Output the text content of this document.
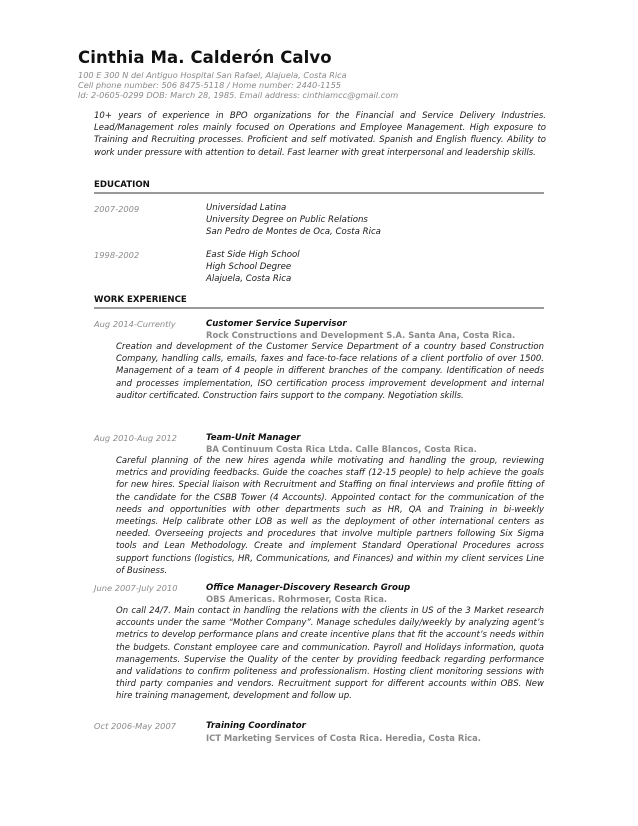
Cinthia Ma. Calderón Calvo
100 E 300 N del Antiguo Hospital San Rafael, Alajuela, Costa Rica
Cell phone number: 506 8475-5118 / Home number: 2440-1155
Id: 2-0605-0299 DOB: March 28, 1985. Email address: cinthiamcc@gmail.com
10+ years of experience in BPO organizations for the Financial and Service Delivery Industries. Lead/Management roles mainly focused on Operations and Employee Management. High exposure to Training and Recruiting processes. Proficient and self motivated. Spanish and English fluency. Ability to work under pressure with attention to detail. Fast learner with great interpersonal and leadership skills.
EDUCATION
2007-2009	Universidad Latina
University Degree on Public Relations
San Pedro de Montes de Oca, Costa Rica
1998-2002	East Side High School
High School Degree
Alajuela, Costa Rica
WORK EXPERIENCE
Aug 2014-Currently	Customer Service Supervisor
Rock Constructions and Development S.A. Santa Ana, Costa Rica.

Creation and development of the Customer Service Department of a country based Construction Company, handling calls, emails, faxes and face-to-face relations of a client portfolio of over 1500. Management of a team of 4 people in different branches of the company. Identification of needs and processes implementation, ISO certification process improvement development and internal auditor certificated. Construction fairs support to the company. Negotiation skills.

Aug 2010-Aug 2012	Team-Unit Manager
BA Continuum Costa Rica Ltda. Calle Blancos, Costa Rica.

Careful planning of the new hires agenda while motivating and handling the group, reviewing metrics and providing feedbacks. Guide the coaches staff (12-15 people) to help achieve the goals for new hires. Special liaison with Recruitment and Staffing on final interviews and profile fitting of the candidate for the CSBB Tower (4 Accounts). Appointed contact for the communication of the needs and opportunities with other departments such as HR, QA and Training in bi-weekly meetings. Help calibrate other LOB as well as the deployment of other international centers as needed. Overseeing projects and procedures that involve multiple partners following Six Sigma tools and Lean Methodology. Create and implement Standard Operational Procedures across support functions (logistics, HR, Communications, and Finances) and within my client services Line of Business.

June 2007-July 2010	Office Manager-Discovery Research Group
OBS Americas. Rohrmoser, Costa Rica.

On call 24/7. Main contact in handling the relations with the clients in US of the 3 Market research accounts under the same “Mother Company”. Manage schedules daily/weekly by analyzing agent’s metrics to develop performance plans and create incentive plans that fit the account’s needs within the budgets. Constant employee care and communication. Payroll and Holidays information, quota managements. Supervise the Quality of the center by providing feedback regarding performance and validations to confirm politeness and professionalism. Hosting client monitoring sessions with third party companies and vendors. Recruitment support for different accounts within OBS. New hire training management, development and follow up.

Oct 2006-May 2007	Training Coordinator
ICT Marketing Services of Costa Rica. Heredia, Costa Rica.
